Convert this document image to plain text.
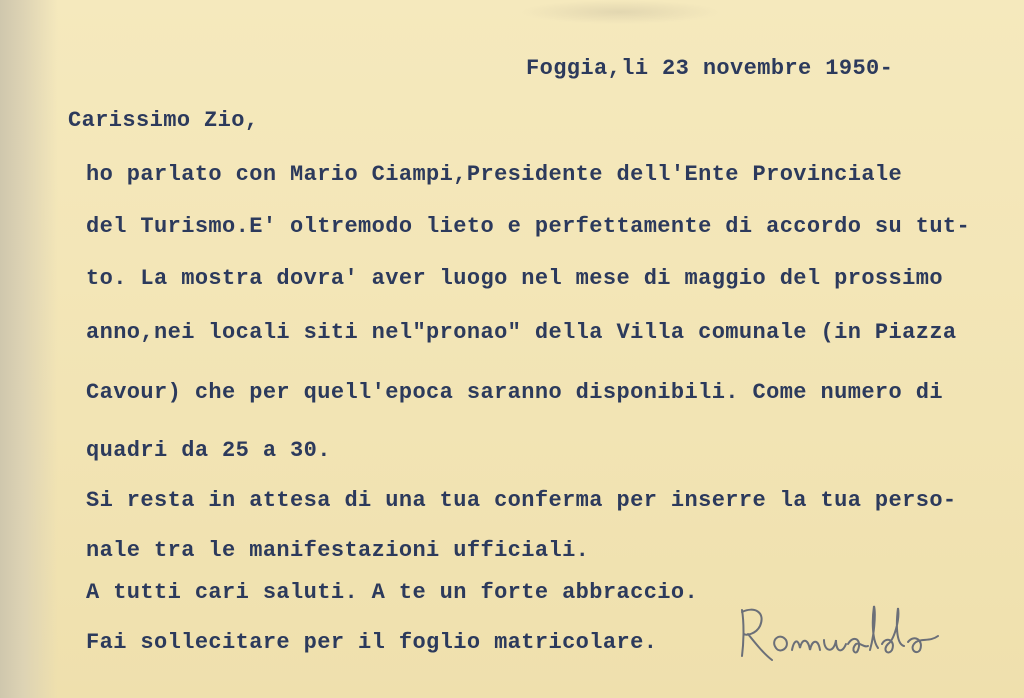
Foggia,li 23 novembre 1950-
Carissimo Zio,
ho parlato con Mario Ciampi,Presidente dell'Ente Provinciale
del Turismo.E' oltremodo lieto e perfettamente di accordo su tut-
to. La mostra dovra' aver luogo nel mese di maggio del prossimo
anno,nei locali siti nel"pronao" della Villa comunale (in Piazza
Cavour) che per quell'epoca saranno disponibili. Come numero di
quadri da 25 a 30.
Si resta in attesa di una tua conferma per inserre la tua perso-
nale tra le manifestazioni ufficiali.
A tutti cari saluti. A te un forte abbraccio.
Fai sollecitare per il foglio matricolare.
